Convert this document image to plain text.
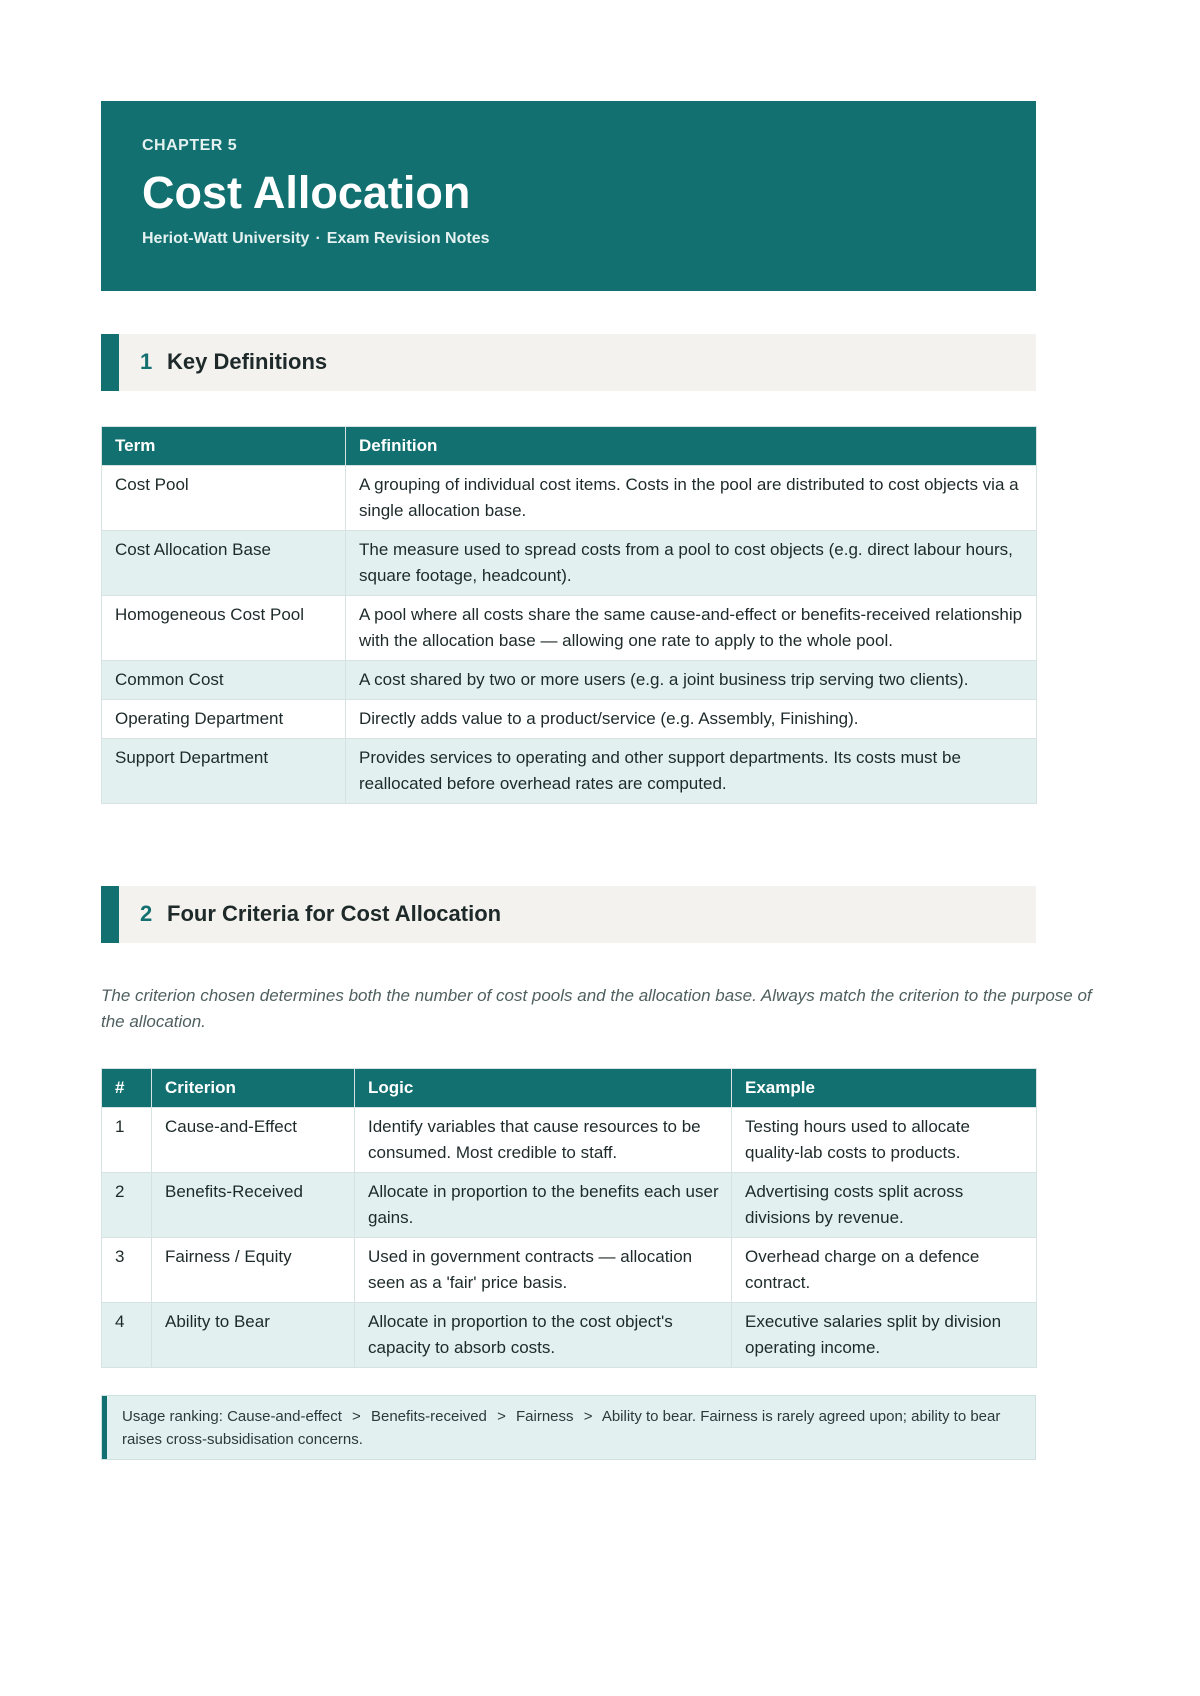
CHAPTER 5
Cost Allocation
Heriot-Watt University · Exam Revision Notes
1 Key Definitions
Term	Definition
Cost Pool	A grouping of individual cost items. Costs in the pool are distributed to cost objects via a single allocation base.
Cost Allocation Base	The measure used to spread costs from a pool to cost objects (e.g. direct labour hours, square footage, headcount).
Homogeneous Cost Pool	A pool where all costs share the same cause-and-effect or benefits-received relationship with the allocation base — allowing one rate to apply to the whole pool.
Common Cost	A cost shared by two or more users (e.g. a joint business trip serving two clients).
Operating Department	Directly adds value to a product/service (e.g. Assembly, Finishing).
Support Department	Provides services to operating and other support departments. Its costs must be reallocated before overhead rates are computed.
2 Four Criteria for Cost Allocation
The criterion chosen determines both the number of cost pools and the allocation base. Always match the criterion to the purpose of the allocation.
#	Criterion	Logic	Example
1	Cause-and-Effect	Identify variables that cause resources to be consumed. Most credible to staff.	Testing hours used to allocate quality-lab costs to products.
2	Benefits-Received	Allocate in proportion to the benefits each user gains.	Advertising costs split across divisions by revenue.
3	Fairness / Equity	Used in government contracts — allocation seen as a 'fair' price basis.	Overhead charge on a defence contract.
4	Ability to Bear	Allocate in proportion to the cost object's capacity to absorb costs.	Executive salaries split by division operating income.
Usage ranking: Cause-and-effect > Benefits-received > Fairness > Ability to bear. Fairness is rarely agreed upon; ability to bear raises cross-subsidisation concerns.
